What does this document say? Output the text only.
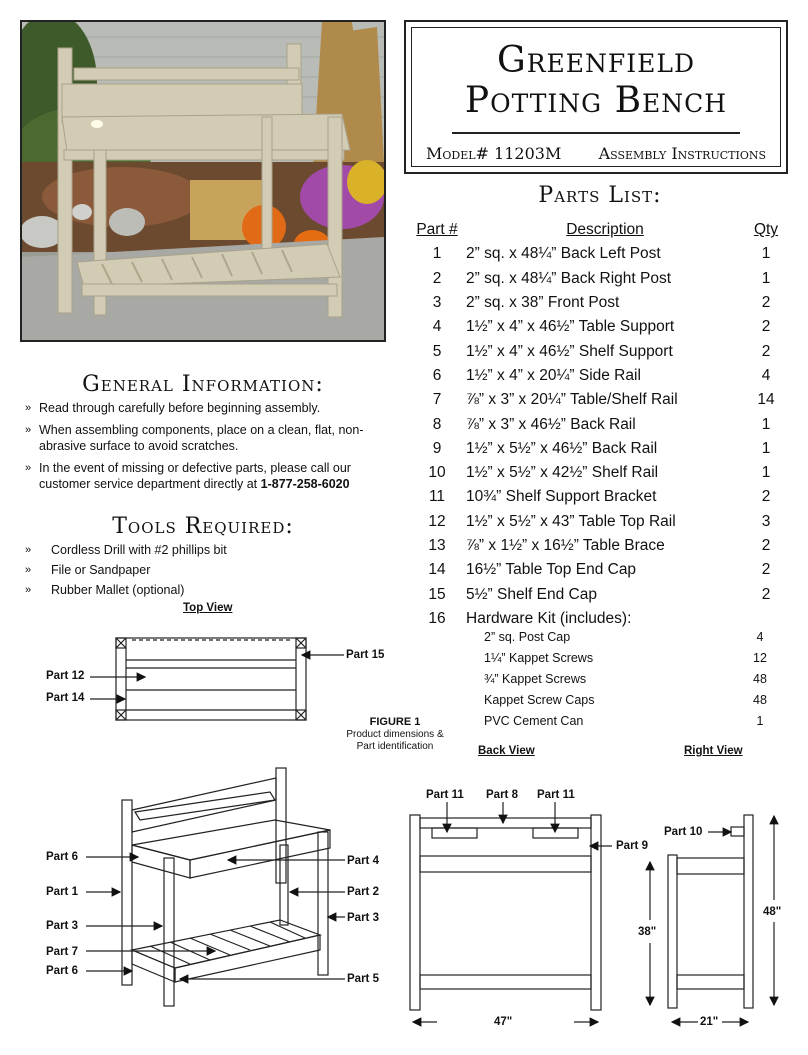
Greenfield
Potting Bench
Model# 11203M Assembly Instructions
Parts List:
Part #	Description	Qty
1	2” sq. x 48¼” Back Left Post	1
2	2” sq. x 48¼” Back Right Post	1
3	2” sq. x 38” Front Post	2
4	1½” x 4” x 46½” Table Support	2
5	1½” x 4” x 46½” Shelf Support	2
6	1½” x 4” x 20¼” Side Rail	4
7	⅞” x 3” x 20¼” Table/Shelf Rail	14
8	⅞” x 3” x 46½” Back Rail	1
9	1½” x 5½” x 46½” Back Rail	1
10	1½” x 5½” x 42½” Shelf Rail	1
11	10¾” Shelf Support Bracket	2
12	1½” x 5½” x 43” Table Top Rail	3
13	⅞” x 1½” x 16½” Table Brace	2
14	16½” Table Top End Cap	2
15	5½” Shelf End Cap	2
16	Hardware Kit (includes):	
2” sq. Post Cap	4
1¼” Kappet Screws	12
¾” Kappet Screws	48
Kappet Screw Caps	48
PVC Cement Can	1
General Information:
» Read through carefully before beginning assembly.
» When assembling components, place on a clean, flat, non-abrasive surface to avoid scratches.
» In the event of missing or defective parts, please call our customer service department directly at 1-877-258-6020
Tools Required:
» Cordless Drill with #2 phillips bit
» File or Sandpaper
» Rubber Mallet (optional)
Top View
Back View	Right View
FIGURE 1
Product dimensions &
Part identification
Part 15
Part 12
Part 14
Part 6	Part 4
Part 1	Part 2
Part 3
Part 3
Part 7
Part 6
Part 5
Part 11 Part 8 Part 11
Part 9
Part 10
38"
48"
47"	21"
